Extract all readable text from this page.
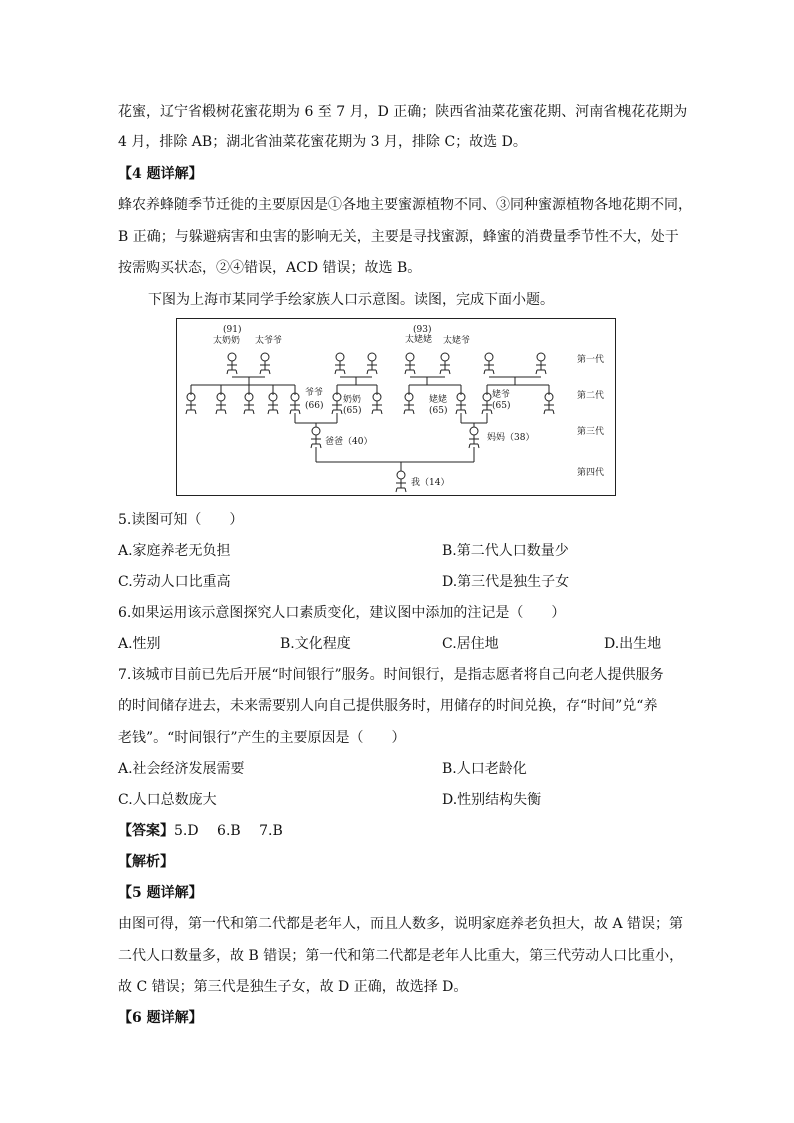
花蜜，辽宁省椴树花蜜花期为 6 至 7 月，D 正确；陕西省油菜花蜜花期、河南省槐花花期为
4 月，排除 AB；湖北省油菜花蜜花期为 3 月，排除 C；故选 D。
【4 题详解】
蜂农养蜂随季节迁徙的主要原因是①各地主要蜜源植物不同、③同种蜜源植物各地花期不同，
B 正确；与躲避病害和虫害的影响无关，主要是寻找蜜源，蜂蜜的消费量季节性不大，处于
按需购买状态，②④错误，ACD 错误；故选 B。
下图为上海市某同学手绘家族人口示意图。读图，完成下面小题。
(91)
太奶奶 太爷爷
(93)
太姥姥 太姥爷
爷爷
(66)
奶奶
(65)
姥姥
(65)
姥爷
(65)
爸爸（40）	妈妈（38）
我（14）
第一代
第二代
第三代
第四代
5.读图可知（　　）
A.家庭养老无负担	B.第二代人口数量少
C.劳动人口比重高	D.第三代是独生子女
6.如果运用该示意图探究人口素质变化，建议图中添加的注记是（　　）
A.性别	B.文化程度	C.居住地	D.出生地
7.该城市目前已先后开展“时间银行”服务。时间银行，是指志愿者将自己向老人提供服务
的时间储存进去，未来需要别人向自己提供服务时，用储存的时间兑换，存“时间”兑“养
老钱”。“时间银行”产生的主要原因是（　　）
A.社会经济发展需要	B.人口老龄化
C.人口总数庞大	D.性别结构失衡
【答案】5.D　 6.B　 7.B
【解析】
【5 题详解】
由图可得，第一代和第二代都是老年人，而且人数多，说明家庭养老负担大，故 A 错误；第
二代人口数量多，故 B 错误；第一代和第二代都是老年人比重大，第三代劳动人口比重小，
故 C 错误；第三代是独生子女，故 D 正确，故选择 D。
【6 题详解】
